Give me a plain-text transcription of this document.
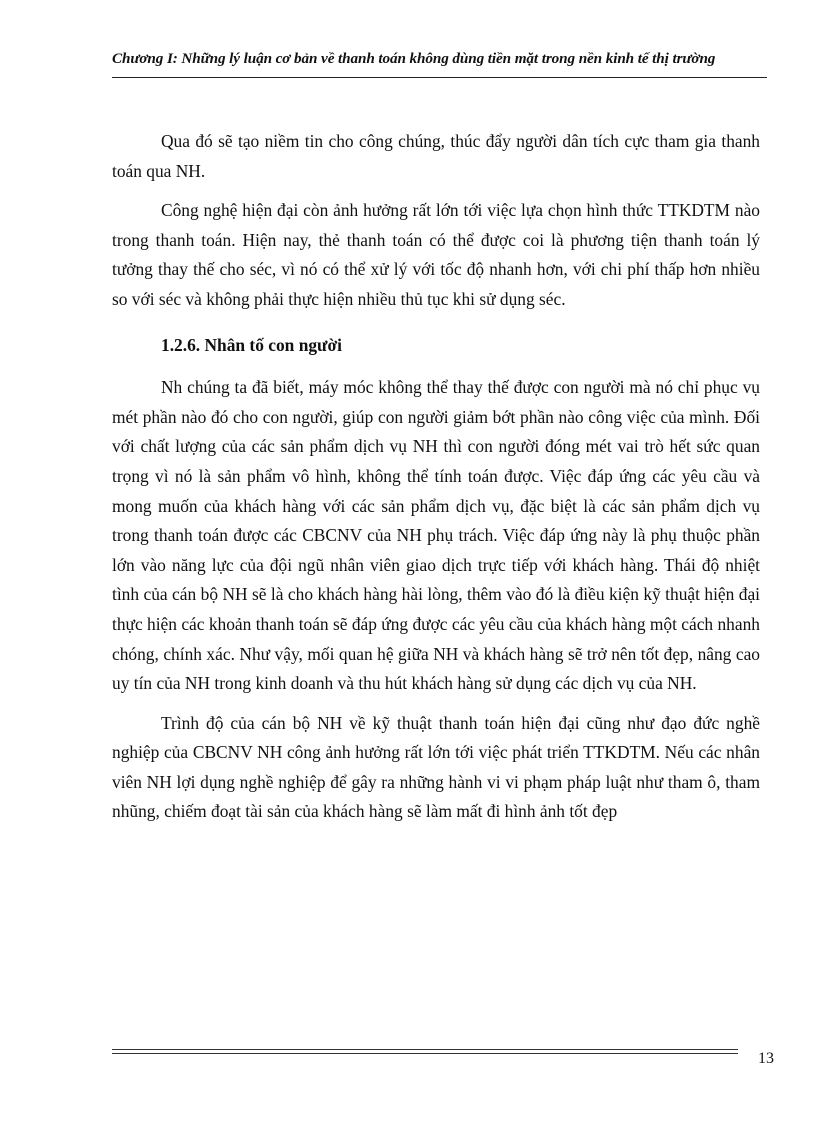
Chương I: Những lý luận cơ bản về thanh toán không dùng tiền mặt trong nền kinh tế thị trường

Qua đó sẽ tạo niềm tin cho công chúng, thúc đẩy người dân tích cực tham gia thanh toán qua NH.

Công nghệ hiện đại còn ảnh hưởng rất lớn tới việc lựa chọn hình thức TTKDTM nào trong thanh toán. Hiện nay, thẻ thanh toán có thể được coi là phương tiện thanh toán lý tưởng thay thế cho séc, vì nó có thể xử lý với tốc độ nhanh hơn, với chi phí thấp hơn nhiều so với séc và không phải thực hiện nhiều thủ tục khi sử dụng séc.

1.2.6. Nhân tố con người

Nh chúng ta đã biết, máy móc không thể thay thế được con người mà nó chỉ phục vụ mét phần nào đó cho con người, giúp con người giảm bớt phần nào công việc của mình. Đối với chất lượng của các sản phẩm dịch vụ NH thì con người đóng mét vai trò hết sức quan trọng vì nó là sản phẩm vô hình, không thể tính toán được. Việc đáp ứng các yêu cầu và mong muốn của khách hàng với các sản phẩm dịch vụ, đặc biệt là các sản phẩm dịch vụ trong thanh toán được các CBCNV của NH phụ trách. Việc đáp ứng này là phụ thuộc phần lớn vào năng lực của đội ngũ nhân viên giao dịch trực tiếp với khách hàng. Thái độ nhiệt tình của cán bộ NH sẽ là cho khách hàng hài lòng, thêm vào đó là điều kiện kỹ thuật hiện đại thực hiện các khoản thanh toán sẽ đáp ứng được các yêu cầu của khách hàng một cách nhanh chóng, chính xác. Như vậy, mối quan hệ giữa NH và khách hàng sẽ trở nên tốt đẹp, nâng cao uy tín của NH trong kinh doanh và thu hút khách hàng sử dụng các dịch vụ của NH.

Trình độ của cán bộ NH về kỹ thuật thanh toán hiện đại cũng như đạo đức nghề nghiệp của CBCNV NH công ảnh hưởng rất lớn tới việc phát triển TTKDTM. Nếu các nhân viên NH lợi dụng nghề nghiệp để gây ra những hành vi vi phạm pháp luật như tham ô, tham nhũng, chiếm đoạt tài sản của khách hàng sẽ làm mất đi hình ảnh tốt đẹp

13
